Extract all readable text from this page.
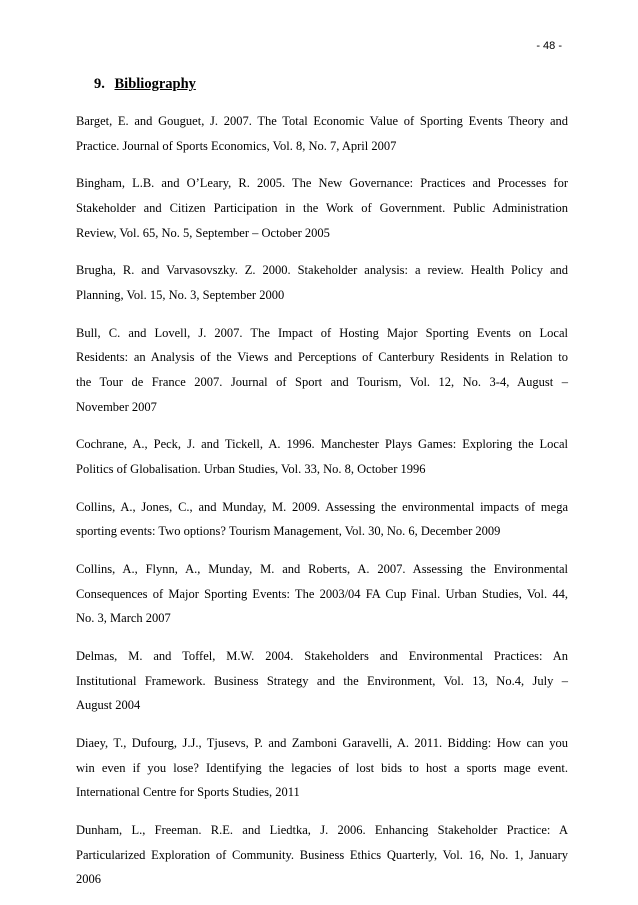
- 48 -
9. Bibliography
Barget, E. and Gouguet, J. 2007. The Total Economic Value of Sporting Events Theory and
Practice. Journal of Sports Economics, Vol. 8, No. 7, April 2007
Bingham, L.B. and O’Leary, R. 2005. The New Governance: Practices and Processes for
Stakeholder and Citizen Participation in the Work of Government. Public Administration
Review, Vol. 65, No. 5, September – October 2005
Brugha, R. and Varvasovszky. Z. 2000. Stakeholder analysis: a review. Health Policy and
Planning, Vol. 15, No. 3, September 2000
Bull, C. and Lovell, J. 2007. The Impact of Hosting Major Sporting Events on Local
Residents: an Analysis of the Views and Perceptions of Canterbury Residents in Relation to
the Tour de France 2007. Journal of Sport and Tourism, Vol. 12, No. 3-4, August –
November 2007
Cochrane, A., Peck, J. and Tickell, A. 1996. Manchester Plays Games: Exploring the Local
Politics of Globalisation. Urban Studies, Vol. 33, No. 8, October 1996
Collins, A., Jones, C., and Munday, M. 2009. Assessing the environmental impacts of mega
sporting events: Two options? Tourism Management, Vol. 30, No. 6, December 2009
Collins, A., Flynn, A., Munday, M. and Roberts, A. 2007. Assessing the Environmental
Consequences of Major Sporting Events: The 2003/04 FA Cup Final. Urban Studies, Vol. 44,
No. 3, March 2007
Delmas, M. and Toffel, M.W. 2004. Stakeholders and Environmental Practices: An
Institutional Framework. Business Strategy and the Environment, Vol. 13, No.4, July –
August 2004
Diaey, T., Dufourg, J.J., Tjusevs, P. and Zamboni Garavelli, A. 2011. Bidding: How can you
win even if you lose? Identifying the legacies of lost bids to host a sports mage event.
International Centre for Sports Studies, 2011
Dunham, L., Freeman. R.E. and Liedtka, J. 2006. Enhancing Stakeholder Practice: A
Particularized Exploration of Community. Business Ethics Quarterly, Vol. 16, No. 1, January
2006
